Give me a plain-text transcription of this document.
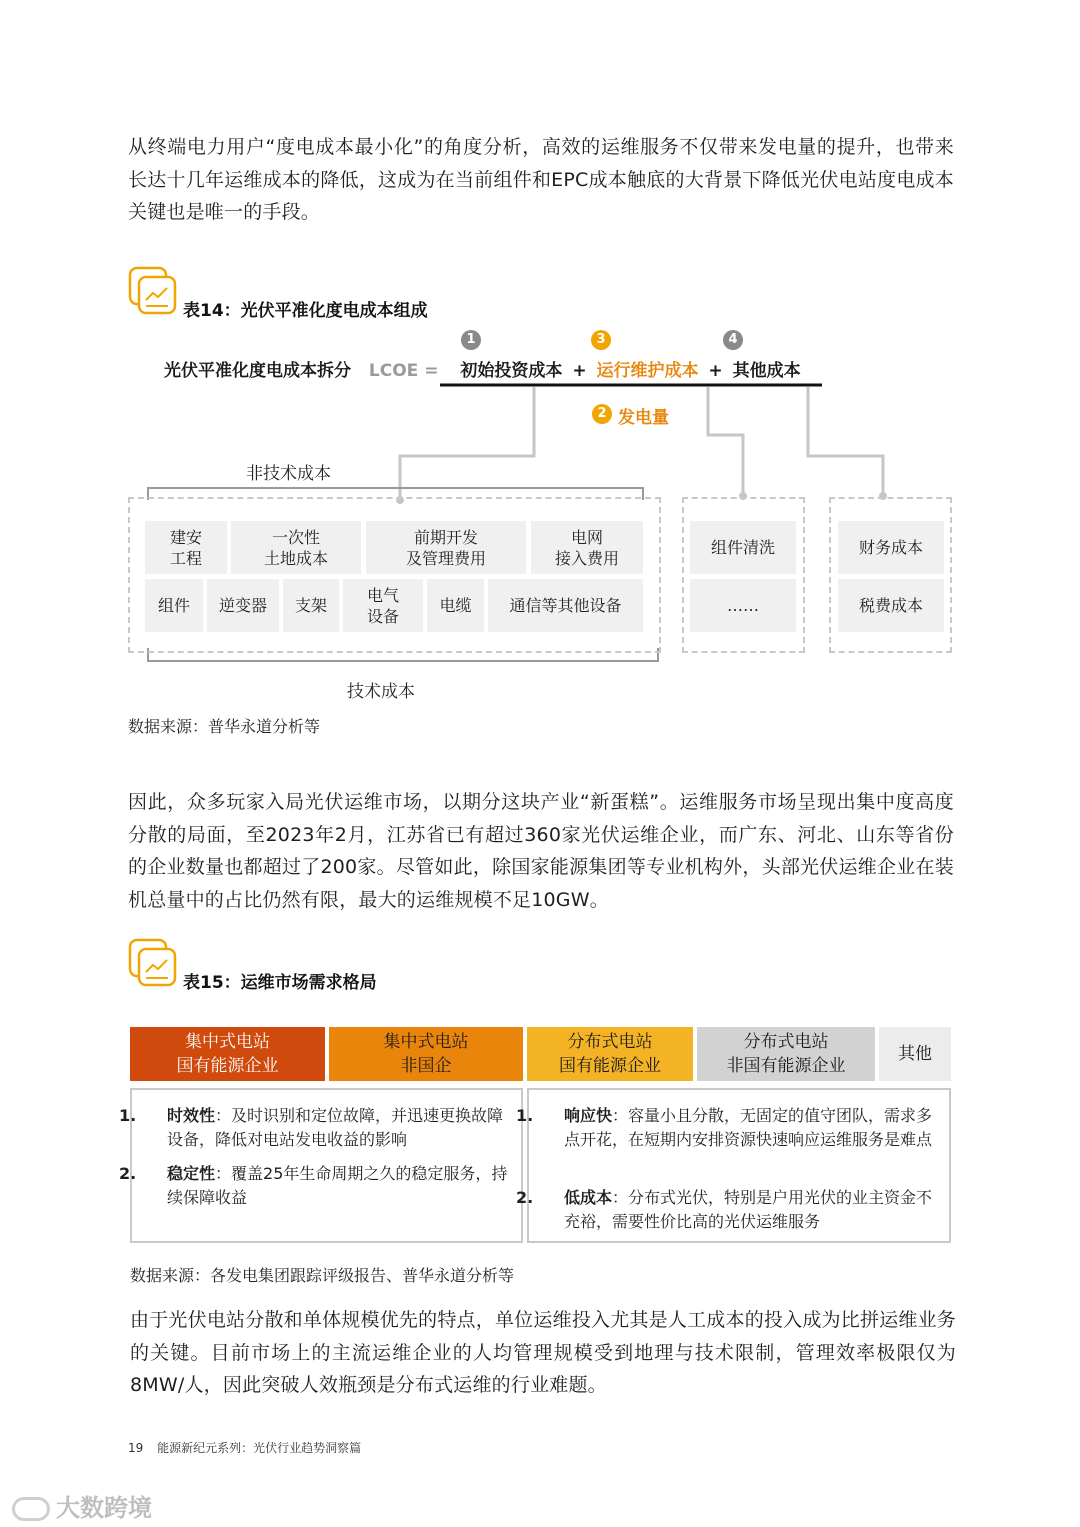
从终端电力用户“度电成本最小化”的角度分析，高效的运维服务不仅带来发电量的提升，也带来长达十几年运维成本的降低，这成为在当前组件和EPC成本触底的大背景下降低光伏电站度电成本关键也是唯一的手段。
表14：光伏平准化度电成本组成
1	3	4
光伏平准化度电成本拆分 LCOE = 初始投资成本 + 运行维护成本 + 其他成本
2 发电量
非技术成本
建安
工程
一次性
土地成本
前期开发
及管理费用
电网
接入费用
组件	逆变器	支架
电气
设备
电缆	通信等其他设备
组件清洗
……
财务成本
税费成本
技术成本
数据来源：普华永道分析等
因此，众多玩家入局光伏运维市场，以期分这块产业“新蛋糕”。运维服务市场呈现出集中度高度分散的局面，至2023年2月，江苏省已有超过360家光伏运维企业，而广东、河北、山东等省份的企业数量也都超过了200家。尽管如此，除国家能源集团等专业机构外，头部光伏运维企业在装机总量中的占比仍然有限，最大的运维规模不足10GW。
表15：运维市场需求格局
集中式电站
国有能源企业
集中式电站
非国企
分布式电站
国有能源企业
分布式电站
非国有能源企业
其他
1. 时效性：及时识别和定位故障，并迅速更换故障设备，降低对电站发电收益的影响
2. 稳定性：覆盖25年生命周期之久的稳定服务，持续保障收益
1. 响应快：容量小且分散，无固定的值守团队，需求多点开花，在短期内安排资源快速响应运维服务是难点
2. 低成本：分布式光伏，特别是户用光伏的业主资金不充裕，需要性价比高的光伏运维服务
数据来源：各发电集团跟踪评级报告、普华永道分析等
由于光伏电站分散和单体规模优先的特点，单位运维投入尤其是人工成本的投入成为比拼运维业务的关键。目前市场上的主流运维企业的人均管理规模受到地理与技术限制，管理效率极限仅为8MW/人，因此突破人效瓶颈是分布式运维的行业难题。
19 能源新纪元系列：光伏行业趋势洞察篇
大数跨境
